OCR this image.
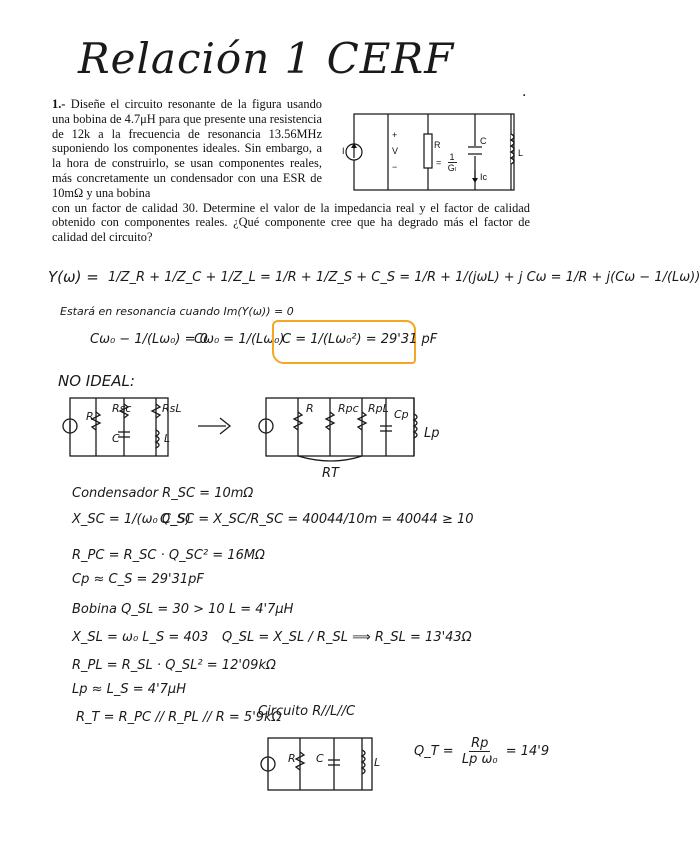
Relación 1 CERF
·
1.- Diseñe el circuito resonante de la figura usando una bobina de 4.7μH para que presente una resistencia de 12k a la frecuencia de resonancia 13.56MHz suponiendo los componentes ideales. Sin embargo, a la hora de construirlo, se usan componentes reales, más concretamente un condensador con una ESR de 10mΩ y una bobina
con un factor de calidad 30. Determine el valor de la impedancia real y el factor de calidad obtenido con componentes reales. ¿Qué componente cree que ha degrado más el factor de calidad del circuito?
I
+
V
−
R
= $\frac{1}{\text{Gₗ}}$
C
Ic
L
Y(ω) = 1/Z_R + 1/Z_C + 1/Z_L = 1/R + 1/Z_S + C_S = 1/R + 1/(jωL) + j Cω = 1/R + j(Cω − 1/(Lω))
Estará en resonancia cuando Im(Y(ω)) = 0
Cω₀ − 1/(Lω₀) = 0
Cω₀ = 1/(Lω₀)
C = 1/(Lω₀²) = 29'31 pF
NO IDEAL:
R
Rsc	RsL
C	L
R Rpc RpL Cp
Lp
RT
Condensador R_SC = 10mΩ
X_SC = 1/(ω₀ C_S)
Q_SC = X_SC/R_SC = 40044/10m = 40044 ≥ 10
R_PC = R_SC · Q_SC² = 16MΩ
Cp ≈ C_S = 29'31pF
Bobina Q_SL = 30 > 10 L = 4'7μH
X_SL = ω₀ L_S = 403 Q_SL = X_SL / R_SL ⟹ R_SL = 13'43Ω
R_PL = R_SL · Q_SL² = 12'09kΩ
Lp ≈ L_S = 4'7μH
R_T = R_PC // R_PL // R = 5'9kΩ
Circuito R//L//C
R C	L
Q_T = $\frac{Rp}{\text{Lp ω₀}} = 14'9$
